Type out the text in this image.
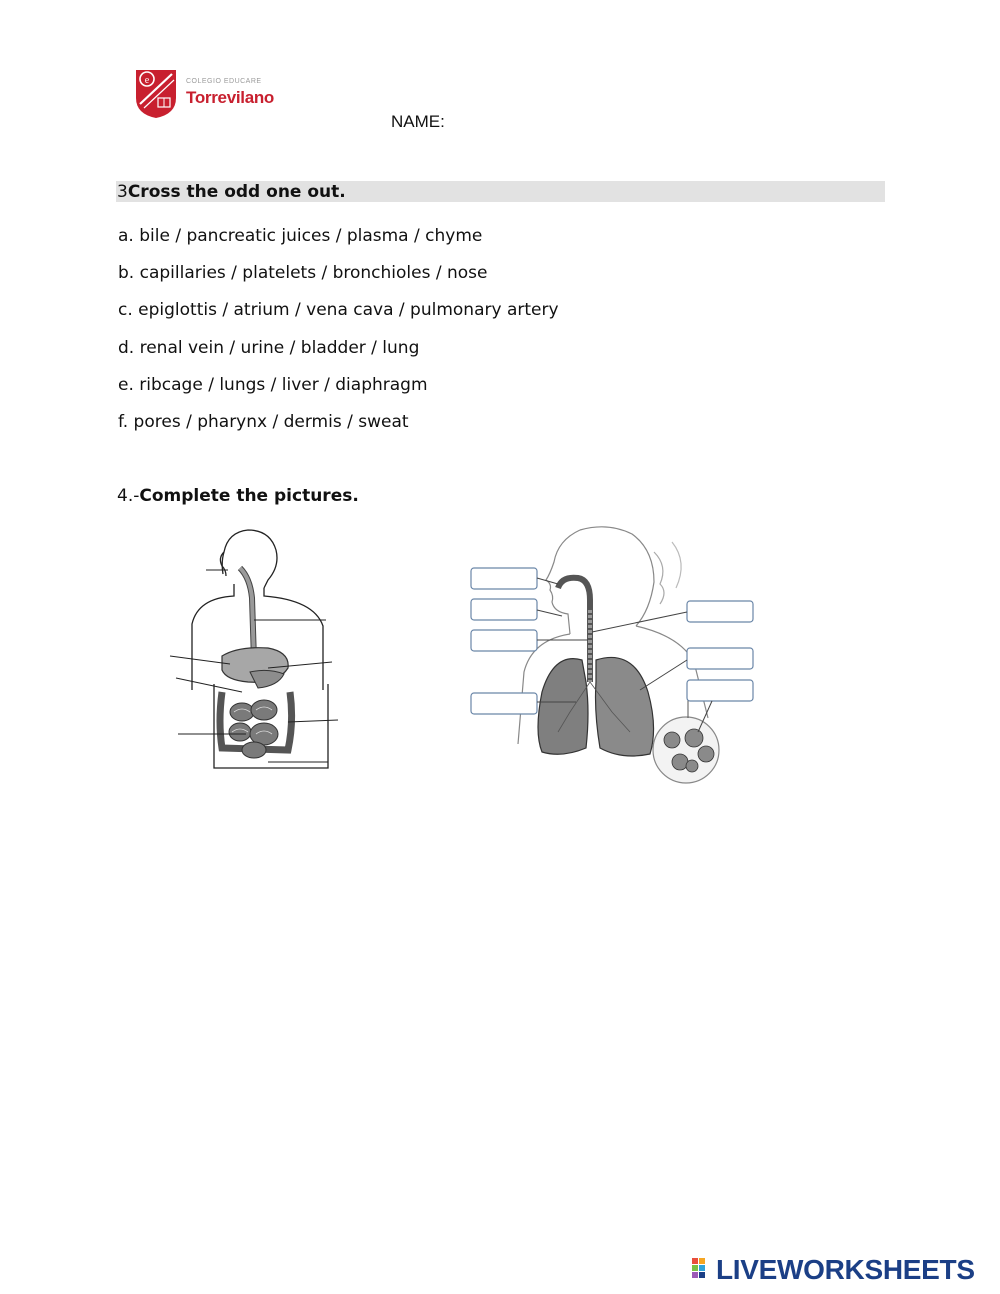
e	COLEGIO EDUCARE
Torrevilano
NAME:
3Cross the odd one out.
a. bile / pancreatic juices / plasma / chyme
b. capillaries / platelets / bronchioles / nose
c. epiglottis / atrium / vena cava / pulmonary artery
d. renal vein / urine / bladder / lung
e. ribcage / lungs / liver / diaphragm
f. pores / pharynx / dermis / sweat
4.-Complete the pictures.
LIVEWORKSHEETS
